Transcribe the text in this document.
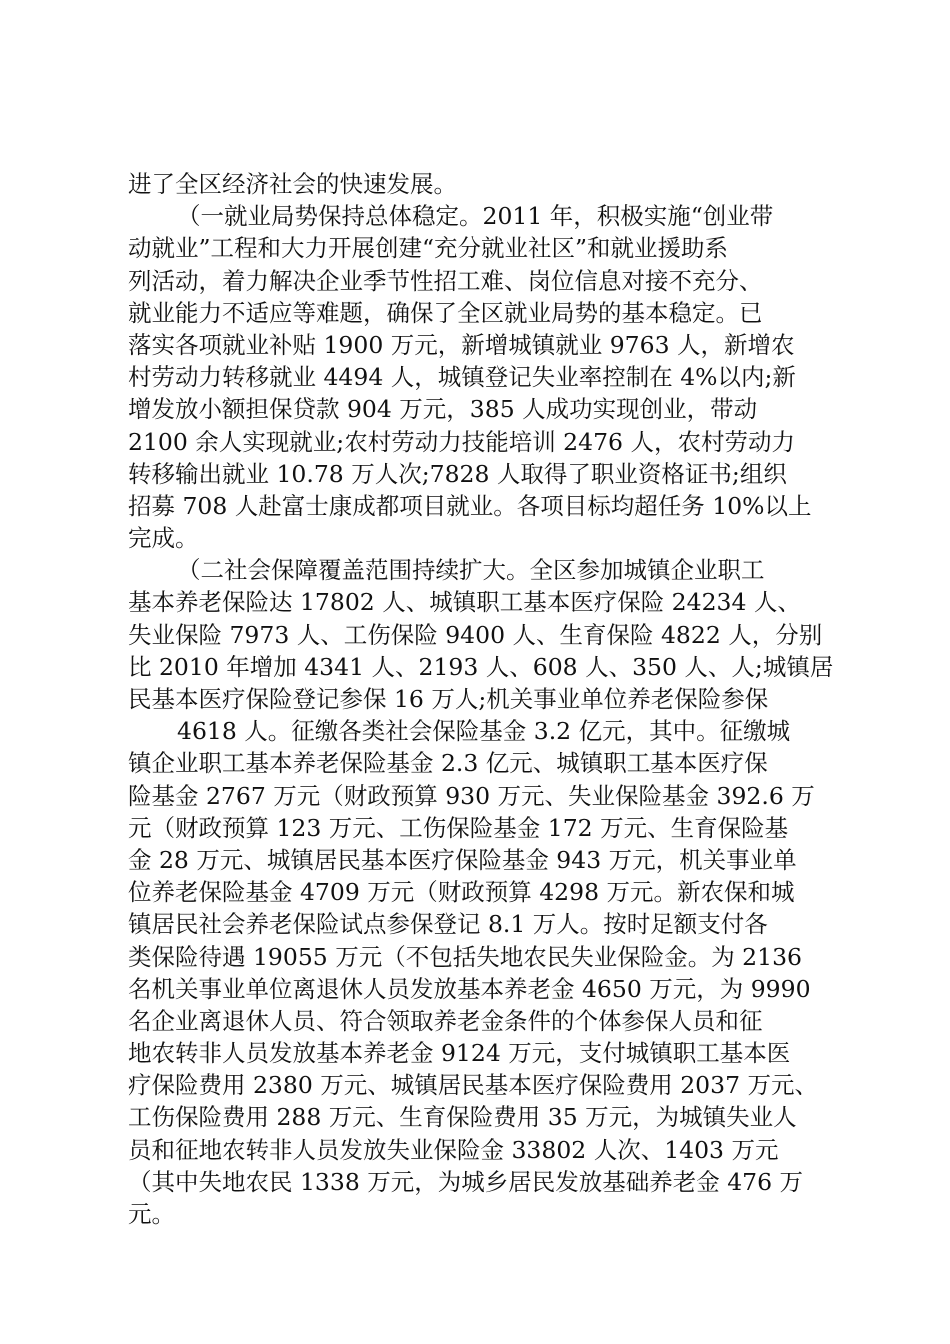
进了全区经济社会的快速发展。
（一就业局势保持总体稳定。2011 年，积极实施“创业带
动就业”工程和大力开展创建“充分就业社区”和就业援助系
列活动，着力解决企业季节性招工难、岗位信息对接不充分、
就业能力不适应等难题，确保了全区就业局势的基本稳定。已
落实各项就业补贴 1900 万元，新增城镇就业 9763 人，新增农
村劳动力转移就业 4494 人，城镇登记失业率控制在 4%以内;新
增发放小额担保贷款 904 万元，385 人成功实现创业，带动
2100 余人实现就业;农村劳动力技能培训 2476 人，农村劳动力
转移输出就业 10.78 万人次;7828 人取得了职业资格证书;组织
招募 708 人赴富士康成都项目就业。各项目标均超任务 10%以上
完成。
（二社会保障覆盖范围持续扩大。全区参加城镇企业职工
基本养老保险达 17802 人、城镇职工基本医疗保险 24234 人、
失业保险 7973 人、工伤保险 9400 人、生育保险 4822 人，分别
比 2010 年增加 4341 人、2193 人、608 人、350 人、人;城镇居
民基本医疗保险登记参保 16 万人;机关事业单位养老保险参保
4618 人。征缴各类社会保险基金 3.2 亿元，其中。征缴城
镇企业职工基本养老保险基金 2.3 亿元、城镇职工基本医疗保
险基金 2767 万元（财政预算 930 万元、失业保险基金 392.6 万
元（财政预算 123 万元、工伤保险基金 172 万元、生育保险基
金 28 万元、城镇居民基本医疗保险基金 943 万元，机关事业单
位养老保险基金 4709 万元（财政预算 4298 万元。新农保和城
镇居民社会养老保险试点参保登记 8.1 万人。按时足额支付各
类保险待遇 19055 万元（不包括失地农民失业保险金。为 2136
名机关事业单位离退休人员发放基本养老金 4650 万元，为 9990
名企业离退休人员、符合领取养老金条件的个体参保人员和征
地农转非人员发放基本养老金 9124 万元，支付城镇职工基本医
疗保险费用 2380 万元、城镇居民基本医疗保险费用 2037 万元、
工伤保险费用 288 万元、生育保险费用 35 万元，为城镇失业人
员和征地农转非人员发放失业保险金 33802 人次、1403 万元
（其中失地农民 1338 万元，为城乡居民发放基础养老金 476 万
元。
